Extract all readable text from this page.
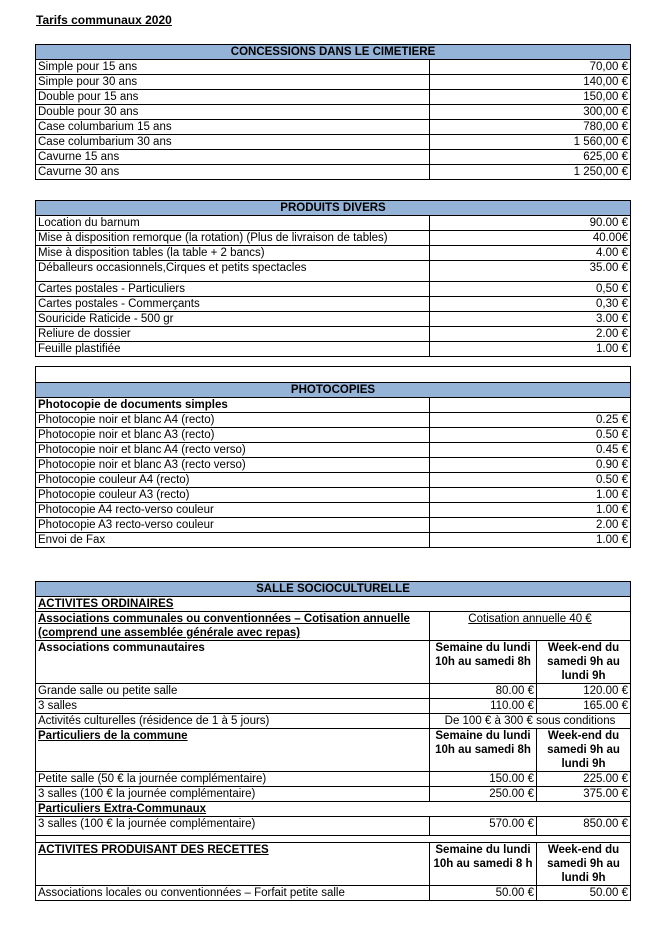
Tarifs communaux 2020
CONCESSIONS DANS LE CIMETIERE	
Simple pour 15 ans	70,00 €
Simple pour 30 ans	140,00 €
Double pour 15 ans	150,00 €
Double pour 30 ans	300,00 €
Case columbarium 15 ans	780,00 €
Case columbarium 30 ans	1 560,00 €
Cavurne 15 ans	625,00 €
Cavurne 30 ans	1 250,00 €
PRODUITS DIVERS	
Location du barnum	90.00 €
Mise à disposition remorque (la rotation) (Plus de livraison de tables)	40.00€
Mise à disposition tables (la table + 2 bancs)	4.00 €
Déballeurs occasionnels,Cirques et petits spectacles	35.00 €
Cartes postales - Particuliers	0,50 €
Cartes postales - Commerçants	0,30 €
Souricide Raticide - 500 gr	3.00 €
Reliure de dossier	2.00 €
Feuille plastifiée	1.00 €

PHOTOCOPIES	
Photocopie de documents simples	
Photocopie noir et blanc A4 (recto)	0.25 €
Photocopie noir et blanc A3 (recto)	0.50 €
Photocopie noir et blanc A4 (recto verso)	0.45 €
Photocopie noir et blanc A3 (recto verso)	0.90 €
Photocopie couleur A4 (recto)	0.50 €
Photocopie couleur A3 (recto)	1.00 €
Photocopie A4 recto-verso couleur	1.00 €
Photocopie A3 recto-verso couleur	2.00 €
Envoi de Fax	1.00 €
SALLE SOCIOCULTURELLE		
ACTIVITES ORDINAIRES		
Associations communales ou conventionnées – Cotisation annuelle (comprend une assemblée générale avec repas)	Cotisation annuelle 40 €	
Associations communautaires	Semaine du lundi 10h au samedi 8h	Week-end du samedi 9h au lundi 9h
Grande salle ou petite salle	80.00 €	120.00 €
3 salles	110.00 €	165.00 €
Activités culturelles (résidence de 1 à 5 jours)	De 100 € à 300 € sous conditions	
Particuliers de la commune	Semaine du lundi 10h au samedi 8h	Week-end du samedi 9h au lundi 9h
Petite salle (50 € la journée complémentaire)	150.00 €	225.00 €
3 salles (100 € la journée complémentaire)	250.00 €	375.00 €
Particuliers Extra-Communaux		
3 salles (100 € la journée complémentaire)	570.00 €	850.00 €

ACTIVITES PRODUISANT DES RECETTES	Semaine du lundi 10h au samedi 8 h	Week-end du samedi 9h au lundi 9h
Associations locales ou conventionnées – Forfait petite salle	50.00 €	50.00 €
